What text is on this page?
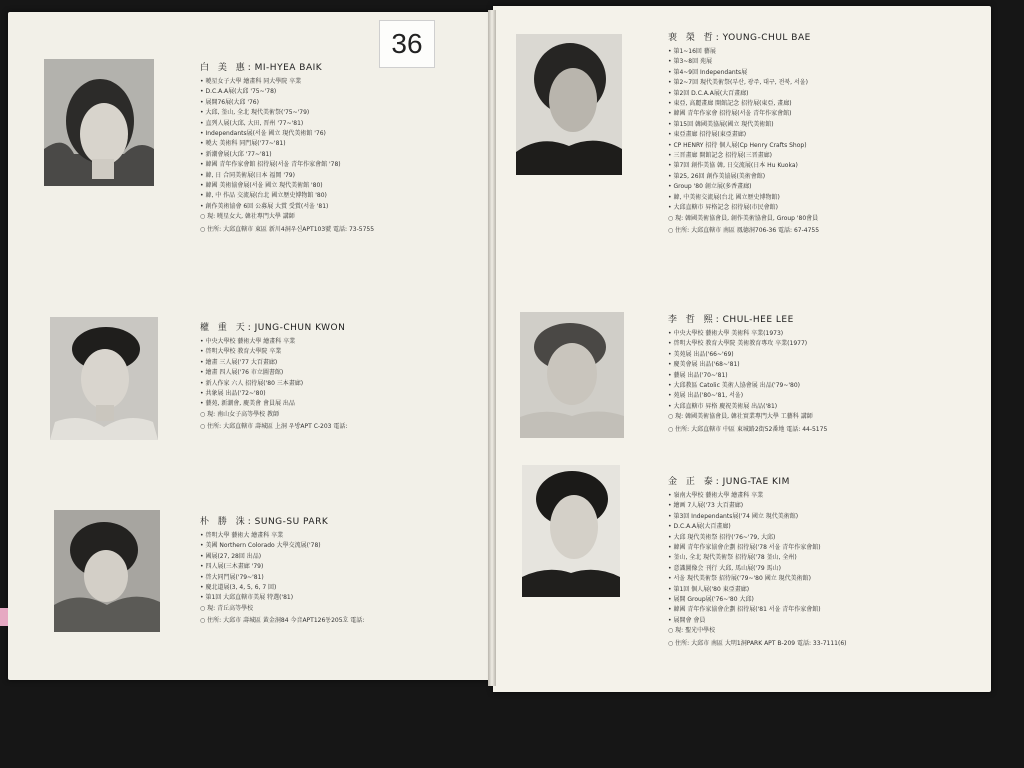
36
白 美 惠: MI-HYEA BAIK
• 曉星女子大學 繪畫科 同大學院 卒業
• D.C.A.A展(大邱 '75~'78)
• 展開76展(大邱 '76)
• 大邱, 釜山, 全北 現代美術祭('75~'79)
• 直列人展(大邱, 大田, 晋州 '77~'81)
• Independants展(서울 國立 現代美術館 '76)
• 曉大 美術科 同門展('77~'81)
• 新潮會展(大邱 '77~'81)
• 韓國 青年作家會館 招待展(서울 青年作家會館 '78)
• 韓, 日 合同美術展(日本 福岡 '79)
• 韓國 美術協會展(서울 國立 現代美術館 '80)
• 韓, 中 作品 交流展(台北 國立歷史博物館 '80)
• 創作美術協會 6回 公募展 大賞 受賞(서울 '81)
○ 現: 曉星女大, 韓社專門大學 講師
○ 住所: 大邱直轄市 東區 新川4洞우신APT103號 電話: 73-5755
權 重 天: JUNG-CHUN KWON
• 中央大學校 藝術大學 繪畫科 卒業
• 啓明大學校 教育大學院 卒業
• 繪畫 三人展('77 大百畫廊)
• 繪畫 四人展('76 市立圖書館)
• 新人作家 六人 招待展('80 三本畫廊)
• 共象展 出品('72~'80)
• 藝苑, 新潮會, 慶美會 會員展 出品
○ 現: 南山女子高等學校 教師
○ 住所: 大邱直轄市 壽城區 上洞 우방APT C-203 電話:
朴 勝 洙: SUNG-SU PARK
• 啓明大學 藝術大 繪畫科 卒業
• 美國 Northern Colorado 大學交流展('78)
• 國展(27, 28回 出品)
• 四人展(三木畫廊 '79)
• 啓大同門展('79~'81)
• 慶北道展(3, 4, 5, 6, 7 回)
• 第1回 大邱直轄市美展 特選('81)
○ 現: 青丘高等學校
○ 住所: 大邱市 壽城區 黃金洞84 今音APT126동205호 電話:
裵 榮 哲: YOUNG-CHUL BAE
• 第1~16回 藝展
• 第3~8回 苑展
• 第4~9回 Independants展
• 第2~7回 現代美術祭(부산, 광주, 대구, 전북, 서울)
• 第2回 D.C.A.A展(大百畫廊)
• 東亞, 高麗畫廊 開館記念 招待展(東亞, 畫廊)
• 韓國 青年作家會 招待展(서울 青年作家會館)
• 第15回 韓國美協展(國立 現代美術館)
• 東亞畫廊 招待展(東亞畫廊)
• CP HENRY 招待 個人展(Cp Henry Crafts Shop)
• 三晋畫廊 開館記念 招待展(三晋畫廊)
• 第7回 創作美協 韓, 日交流展(日本 Hu Kuoka)
• 第25, 26回 創作美協展(美術會館)
• Group '80 創立展(多香畫廊)
• 韓, 中美術交流展(台北 國立歷史博物館)
• 大邱直轄市 昇格記念 招待展(市民會館)
○ 現: 韓國美術協會員, 創作美術協會員, Group '80會員
○ 住所: 大邱直轄市 南區 鳳德洞706-36 電話: 67-4755
李 哲 熙: CHUL-HEE LEE
• 中央大學校 藝術大學 美術科 卒業(1973)
• 啓明大學校 教育大學院 美術教育專攻 卒業(1977)
• 美苑展 出品('66~'69)
• 慶美會展 出品('68~'81)
• 藝展 出品('70~'81)
• 大邱教區 Catolic 美術人協會展 出品('79~'80)
• 苑展 出品('80~'81, 서울)
• 大邱直轄市 昇格 慶祝美術展 出品('81)
○ 現: 韓國美術協會員, 韓社實業專門大學 工藝科 講師
○ 住所: 大邱直轄市 中區 東城路2街52番地 電話: 44-5175
金 正 泰: JUNG-TAE KIM
• 嶺南大學校 藝術大學 繪畫科 卒業
• 繪画 7人展('73 大百畫廊)
• 第3回 Independants展('74 國立 現代美術館)
• D.C.A.A展(大百畫廊)
• 大邱 現代美術祭 招待('76~'79, 大邱)
• 韓國 青年作家協會企劃 招待展('78 서울 青年作家會館)
• 釜山, 全北 現代美術祭 招待展('78 釜山, 全州)
• 意識圖像会 刊行 大邱, 馬山展('79 馬山)
• 서울 現代美術祭 招待展('79~'80 國立 現代美術館)
• 第1回 個人展('80 東亞畫廊)
• 展開 Group展('76~'80 大邱)
• 韓國 青年作家協會企劃 招待展('81 서울 青年作家會館)
• 展開會 會員
○ 現: 聖光中學校
○ 住所: 大邱市 南區 大明1洞PARK APT B-209 電話: 33-7111(6)
